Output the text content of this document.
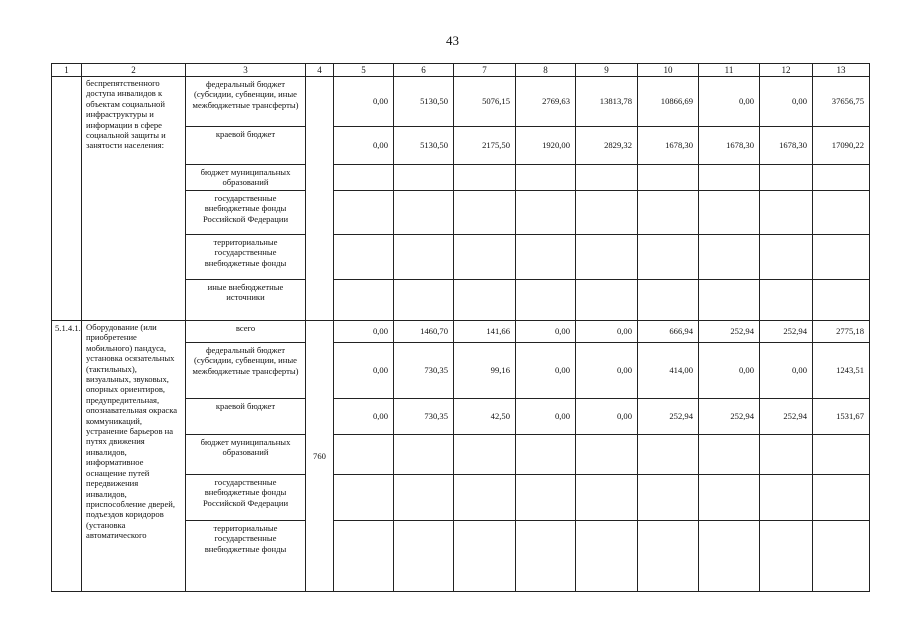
43
1	2	3	4	5	6	7	8	9	10	11	12	13
	беспрепятственного доступа инвалидов к объектам социальной инфраструктуры и информации в сфере социальной защиты и занятости населения:	федеральный бюджет (субсидии, субвенции, иные межбюджетные трансферты)		0,00	5130,50	5076,15	2769,63	13813,78	10866,69	0,00	0,00	37656,75
		краевой бюджет		0,00	5130,50	2175,50	1920,00	2829,32	1678,30	1678,30	1678,30	17090,22
		бюджет муниципальных образований										
		государственные внебюджетные фонды Российской Федерации										
		территориальные государственные внебюджетные фонды										
		иные внебюджетные источники										
5.1.4.1.	Оборудование (или приобретение мобильного) пандуса, установка осязательных (тактильных), визуальных, звуковых, опорных ориентиров, предупредительная, опознавательная окраска коммуникаций, устранение барьеров на путях движения инвалидов, информативное оснащение путей передвижения инвалидов, приспособление дверей, подъездов коридоров (установка автоматического	всего	760	0,00	1460,70	141,66	0,00	0,00	666,94	252,94	252,94	2775,18
		федеральный бюджет (субсидии, субвенции, иные межбюджетные трансферты)		0,00	730,35	99,16	0,00	0,00	414,00	0,00	0,00	1243,51
		краевой бюджет		0,00	730,35	42,50	0,00	0,00	252,94	252,94	252,94	1531,67
		бюджет муниципальных образований										
		государственные внебюджетные фонды Российской Федерации										
		территориальные государственные внебюджетные фонды										
